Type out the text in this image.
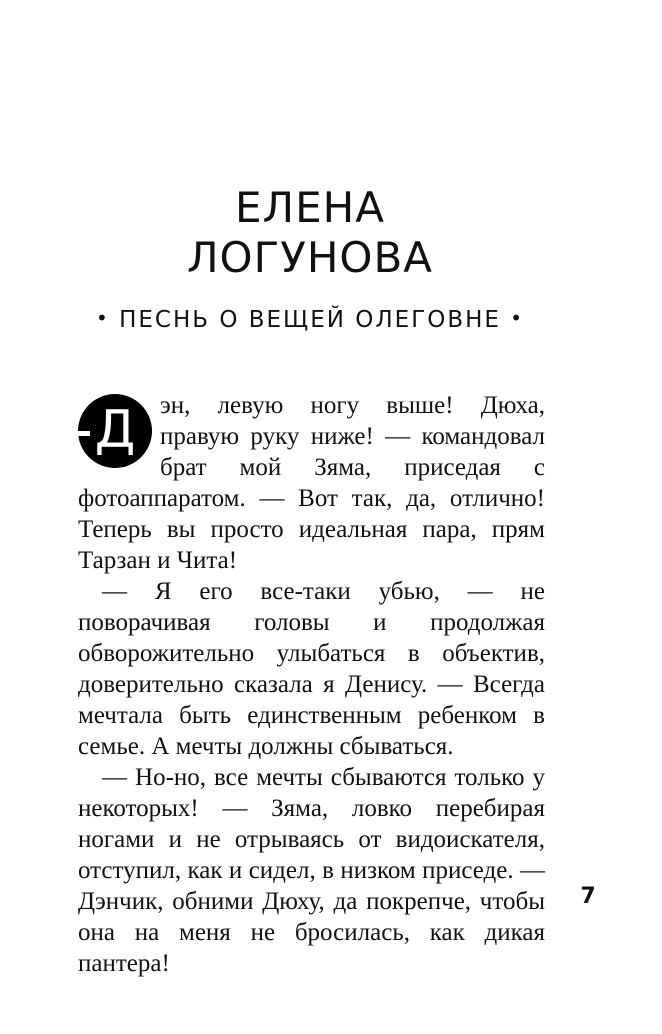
ЕЛЕНА
ЛОГУНОВА
• ПЕСНЬ О ВЕЩЕЙ ОЛЕГОВНЕ •

Д эн, левую ногу выше! Дюха, правую руку ниже! — командовал брат мой Зяма, приседая с фотоаппаратом. — Вот так, да, отлично! Теперь вы просто идеальная пара, прям Тарзан и Чита!

— Я его все-таки убью, — не поворачивая головы и продолжая обворожительно улыбаться в объектив, доверительно сказала я Денису. — Всегда мечтала быть единственным ребенком в семье. А мечты должны сбываться.

— Но-но, все мечты сбываются только у некоторых! — Зяма, ловко перебирая ногами и не отрываясь от видоискателя, отступил, как и сидел, в низком приседе. — Дэнчик, обними Дюху, да покрепче, чтобы она на меня не бросилась, как дикая пантера!

7
